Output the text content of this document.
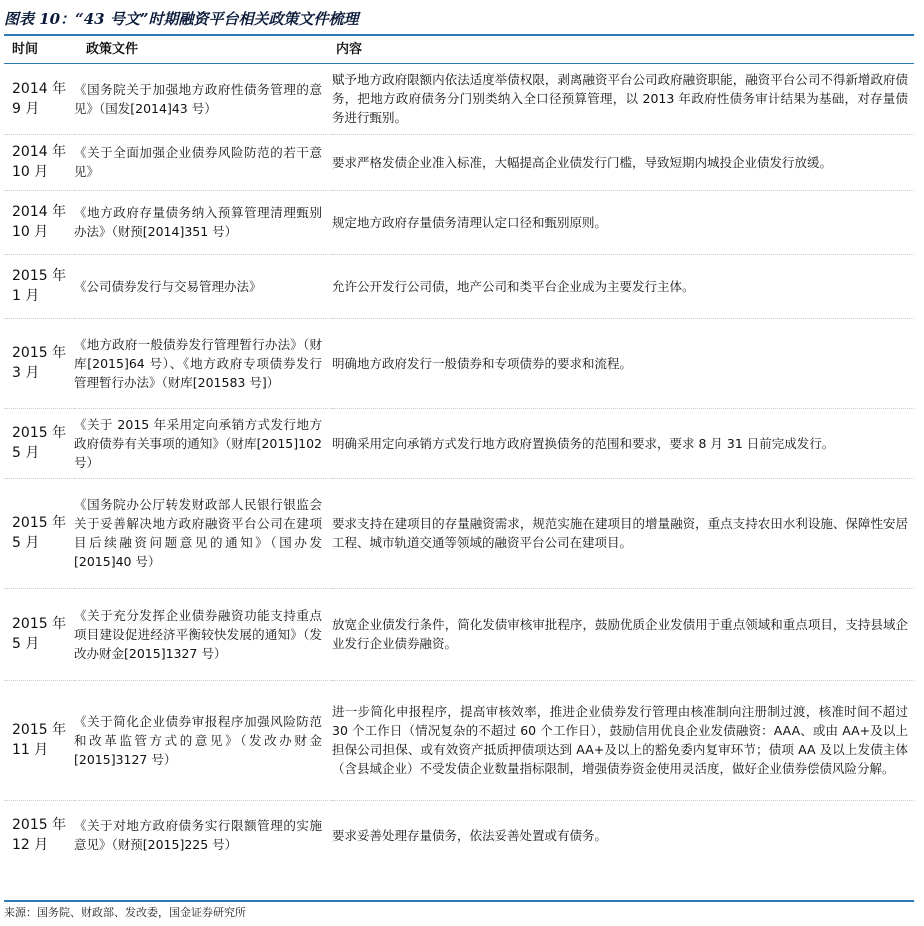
图表 10：“43 号文”时期融资平台相关政策文件梳理
时间	政策文件	内容
2014 年 9 月	《国务院关于加强地方政府性债务管理的意见》（国发[2014]43 号）	赋予地方政府限额内依法适度举债权限，剥离融资平台公司政府融资职能，融资平台公司不得新增政府债务，把地方政府债务分门别类纳入全口径预算管理，以 2013 年政府性债务审计结果为基础，对存量债务进行甄别。
2014 年 10 月	《关于全面加强企业债券风险防范的若干意见》	要求严格发债企业准入标准，大幅提高企业债发行门槛，导致短期内城投企业债发行放缓。
2014 年 10 月	《地方政府存量债务纳入预算管理清理甄别办法》（财预[2014]351 号）	规定地方政府存量债务清理认定口径和甄别原则。
2015 年 1 月	《公司债券发行与交易管理办法》	允许公开发行公司债，地产公司和类平台企业成为主要发行主体。
2015 年 3 月	《地方政府一般债券发行管理暂行办法》（财库[2015]64 号）、《地方政府专项债券发行管理暂行办法》（财库[201583 号]）	明确地方政府发行一般债券和专项债券的要求和流程。
2015 年 5 月	《关于 2015 年采用定向承销方式发行地方政府债券有关事项的通知》（财库[2015]102 号）	明确采用定向承销方式发行地方政府置换债务的范围和要求，要求 8 月 31 日前完成发行。
2015 年 5 月	《国务院办公厅转发财政部人民银行银监会关于妥善解决地方政府融资平台公司在建项目后续融资问题意见的通知》（国办发[2015]40 号）	要求支持在建项目的存量融资需求，规范实施在建项目的增量融资，重点支持农田水利设施、保障性安居工程、城市轨道交通等领域的融资平台公司在建项目。
2015 年 5 月	《关于充分发挥企业债券融资功能支持重点项目建设促进经济平衡较快发展的通知》（发改办财金[2015]1327 号）	放宽企业债发行条件，简化发债审核审批程序，鼓励优质企业发债用于重点领域和重点项目，支持县域企业发行企业债券融资。
2015 年 11 月	《关于简化企业债券审报程序加强风险防范和改革监管方式的意见》（发改办财金[2015]3127 号）	进一步简化申报程序，提高审核效率，推进企业债券发行管理由核准制向注册制过渡，核准时间不超过 30 个工作日（情况复杂的不超过 60 个工作日），鼓励信用优良企业发债融资：AAA、或由 AA+及以上担保公司担保、或有效资产抵质押债项达到 AA+及以上的豁免委内复审环节；债项 AA 及以上发债主体（含县域企业）不受发债企业数量指标限制，增强债券资金使用灵活度，做好企业债券偿债风险分解。
2015 年 12 月	《关于对地方政府债务实行限额管理的实施意见》（财预[2015]225 号）	要求妥善处理存量债务，依法妥善处置或有债务。
来源：国务院、财政部、发改委，国金证券研究所
